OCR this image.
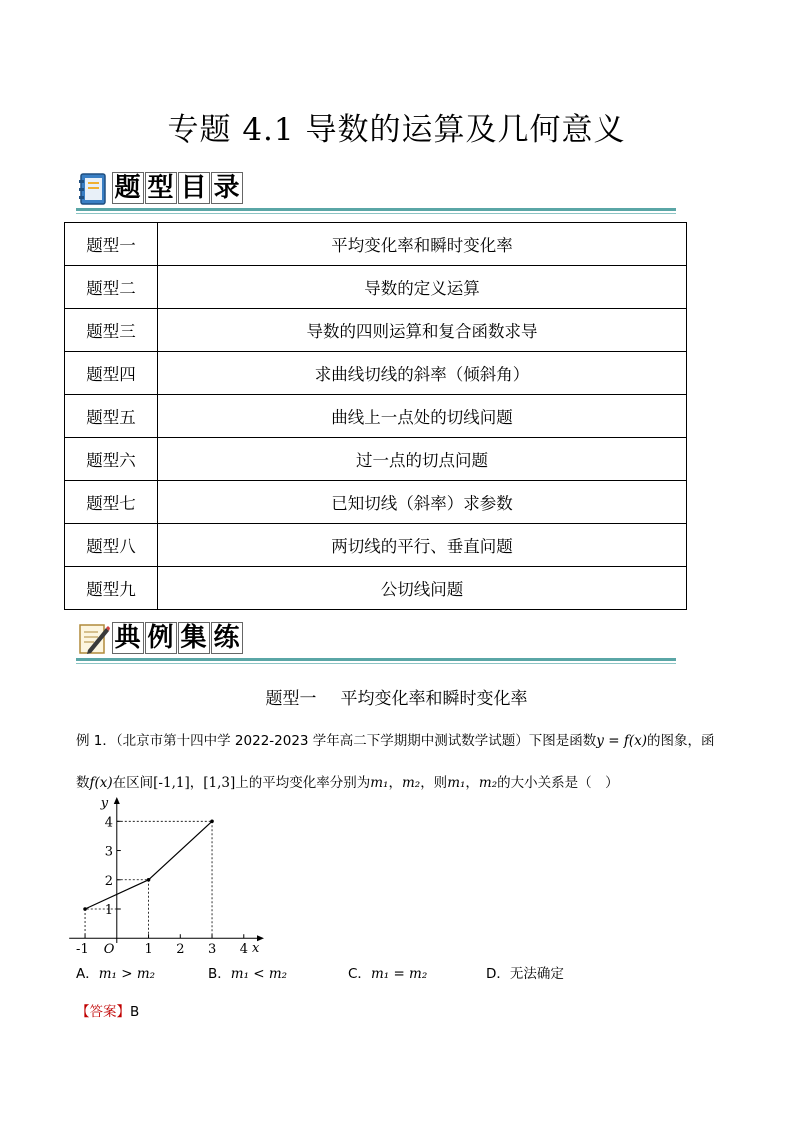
专题 4.1 导数的运算及几何意义
题 型 目 录
题型一	平均变化率和瞬时变化率
题型二	导数的定义运算
题型三	导数的四则运算和复合函数求导
题型四	求曲线切线的斜率（倾斜角）
题型五	曲线上一点处的切线问题
题型六	过一点的切点问题
题型七	已知切线（斜率）求参数
题型八	两切线的平行、垂直问题
题型九	公切线问题
典 例 集 练
题型一 平均变化率和瞬时变化率
例 1．（北京市第十四中学 2022-2023 学年高二下学期期中测试数学试题）下图是函数y = f(x)的图象，函
数f(x)在区间[-1,1]，[1,3]上的平均变化率分别为m₁，m₂，则m₁，m₂的大小关系是（　）
x
y
O
-1	1 2 3 4
1
2
3
4
A．m₁ > m₂	B．m₁ < m₂	C．m₁ = m₂	D．无法确定
【答案】B
